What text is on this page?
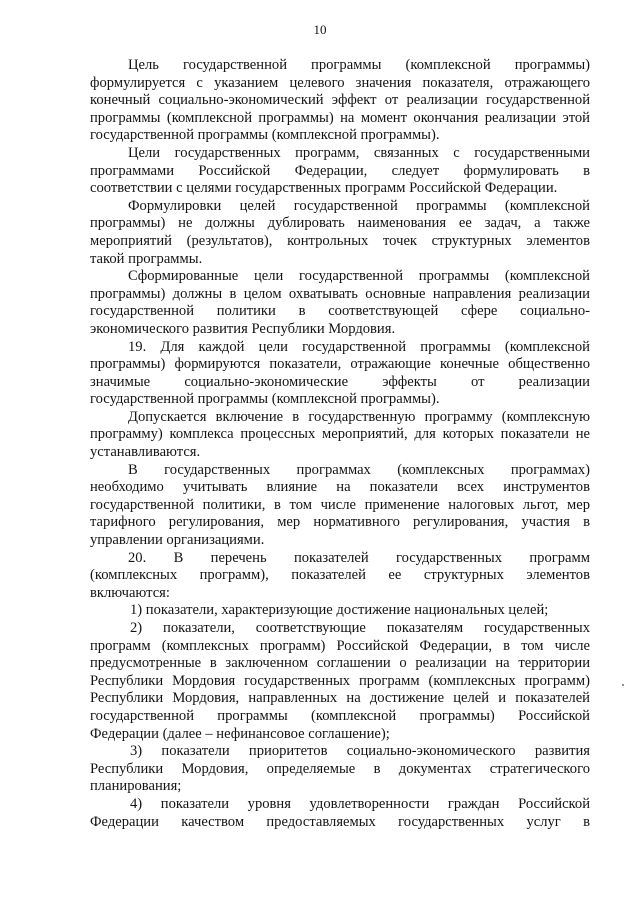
10
Цель государственной программы (комплексной программы)
формулируется с указанием целевого значения показателя, отражающего
конечный социально-экономический эффект от реализации государственной
программы (комплексной программы) на момент окончания реализации этой
государственной программы (комплексной программы).
Цели государственных программ, связанных с государственными
программами Российской Федерации, следует формулировать в
соответствии с целями государственных программ Российской Федерации.
Формулировки целей государственной программы (комплексной
программы) не должны дублировать наименования ее задач, а также
мероприятий (результатов), контрольных точек структурных элементов
такой программы.
Сформированные цели государственной программы (комплексной
программы) должны в целом охватывать основные направления реализации
государственной политики в соответствующей сфере социально-
экономического развития Республики Мордовия.
19. Для каждой цели государственной программы (комплексной
программы) формируются показатели, отражающие конечные общественно
значимые социально-экономические эффекты от реализации
государственной программы (комплексной программы).
Допускается включение в государственную программу (комплексную
программу) комплекса процессных мероприятий, для которых показатели не
устанавливаются.
В государственных программах (комплексных программах)
необходимо учитывать влияние на показатели всех инструментов
государственной политики, в том числе применение налоговых льгот, мер
тарифного регулирования, мер нормативного регулирования, участия в
управлении организациями.
20. В перечень показателей государственных программ
(комплексных программ), показателей ее структурных элементов
включаются:
1) показатели, характеризующие достижение национальных целей;
2) показатели, соответствующие показателям государственных
программ (комплексных программ) Российской Федерации, в том числе
предусмотренные в заключенном соглашении о реализации на территории
Республики Мордовия государственных программ (комплексных программ)
Республики Мордовия, направленных на достижение целей и показателей
государственной программы (комплексной программы) Российской
Федерации (далее – нефинансовое соглашение);
3) показатели приоритетов социально-экономического развития
Республики Мордовия, определяемые в документах стратегического
планирования;
4) показатели уровня удовлетворенности граждан Российской
Федерации качеством предоставляемых государственных услуг в
